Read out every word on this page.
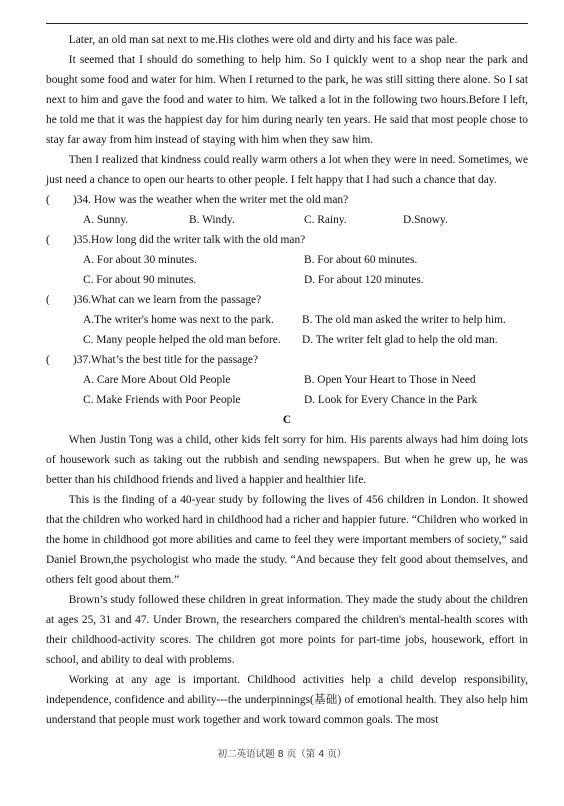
Later, an old man sat next to me.His clothes were old and dirty and his face was pale.

It seemed that I should do something to help him. So I quickly went to a shop near the park and bought some food and water for him. When I returned to the park, he was still sitting there alone. So I sat next to him and gave the food and water to him. We talked a lot in the following two hours.Before I left, he told me that it was the happiest day for him during nearly ten years. He said that most people chose to stay far away from him instead of staying with him when they saw him.

Then I realized that kindness could really warm others a lot when they were in need. Sometimes, we just need a chance to open our hearts to other people. I felt happy that I had such a chance that day.

( )34. How was the weather when the writer met the old man?
A. Sunny.	B. Windy.	C. Rainy.	D.Snowy.
( )35.How long did the writer talk with the old man?
A. For about 30 minutes.	B. For about 60 minutes.
C. For about 90 minutes.	D. For about 120 minutes.
( )36.What can we learn from the passage?
A.The writer's home was next to the park. B. The old man asked the writer to help him.
C. Many people helped the old man before. D. The writer felt glad to help the old man.
( )37.What’s the best title for the passage?
A. Care More About Old People	B. Open Your Heart to Those in Need
C. Make Friends with Poor People	D. Look for Every Chance in the Park

C

When Justin Tong was a child, other kids felt sorry for him. His parents always had him doing lots of housework such as taking out the rubbish and sending newspapers. But when he grew up, he was better than his childhood friends and lived a happier and healthier life.

This is the finding of a 40-year study by following the lives of 456 children in London. It showed that the children who worked hard in childhood had a richer and happier future. “Children who worked in the home in childhood got more abilities and came to feel they were important members of society,” said Daniel Brown,the psychologist who made the study. “And because they felt good about themselves, and others felt good about them.”

Brown’s study followed these children in great information. They made the study about the children at ages 25, 31 and 47. Under Brown, the researchers compared the children's mental-health scores with their childhood-activity scores. The children got more points for part-time jobs, housework, effort in school, and ability to deal with problems.

Working at any age is important. Childhood activities help a child develop responsibility, independence, confidence and ability---the underpinnings(基础) of emotional health. They also help him understand that people must work together and work toward common goals. The most

初二英语试题 8 页（第 4 页）
